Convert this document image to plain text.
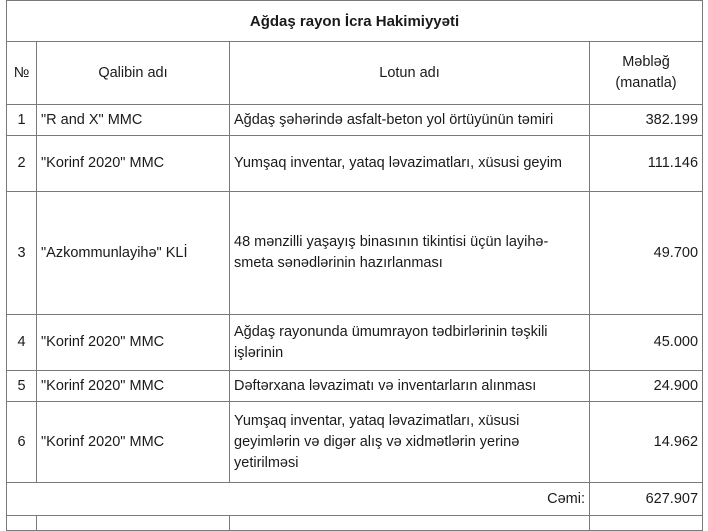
Ağdaş rayon İcra Hakimiyyəti			
№	Qalibin adı	Lotun adı	Məbləğ (manatla)
1	"R and X" MMC	Ağdaş şəhərində asfalt-beton yol örtüyünün təmiri	382.199
2	"Korinf 2020" MMC	Yumşaq inventar, yataq ləvazimatları, xüsusi geyim	111.146
3	"Azkommunlayihə" KLİ	48 mənzilli yaşayış binasının tikintisi üçün layihə-smeta sənədlərinin hazırlanması	49.700
4	"Korinf 2020" MMC	Ağdaş rayonunda ümumrayon tədbirlərinin təşkili işlərinin	45.000
5	"Korinf 2020" MMC	Dəftərxana ləvazimatı və inventarların alınması	24.900
6	"Korinf 2020" MMC	Yumşaq inventar, yataq ləvazimatları, xüsusi geyimlərin və digər alış və xidmətlərin yerinə yetirilməsi	14.962
Cəmi:			627.907
